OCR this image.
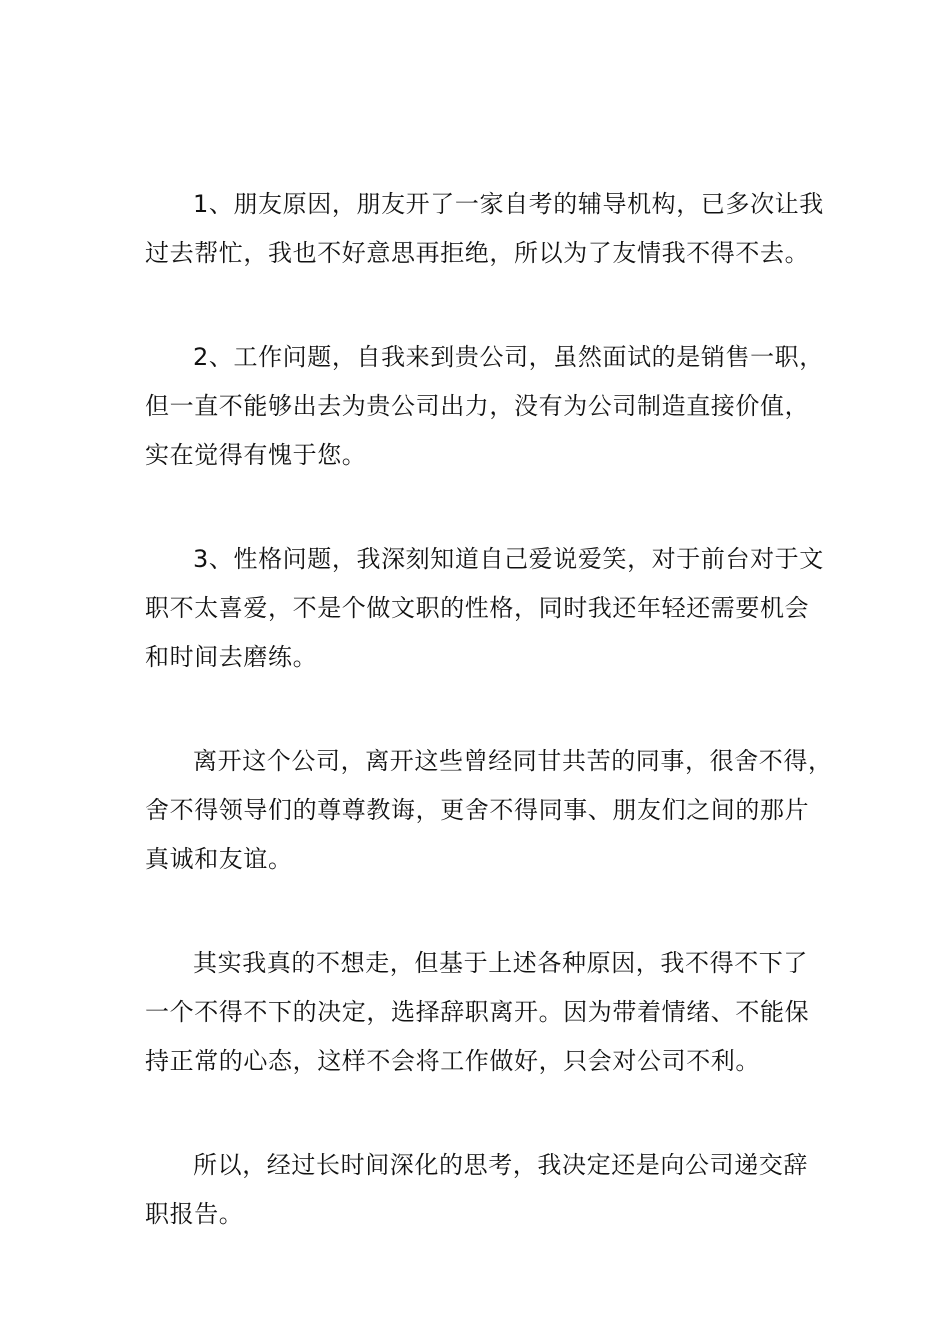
1、朋友原因，朋友开了一家自考的辅导机构，已多次让我
过去帮忙，我也不好意思再拒绝，所以为了友情我不得不去。

2、工作问题，自我来到贵公司，虽然面试的是销售一职，
但一直不能够出去为贵公司出力，没有为公司制造直接价值，
实在觉得有愧于您。

3、性格问题，我深刻知道自己爱说爱笑，对于前台对于文
职不太喜爱，不是个做文职的性格，同时我还年轻还需要机会
和时间去磨练。

离开这个公司，离开这些曾经同甘共苦的同事，很舍不得，
舍不得领导们的尊尊教诲，更舍不得同事、朋友们之间的那片
真诚和友谊。

其实我真的不想走，但基于上述各种原因，我不得不下了
一个不得不下的决定，选择辞职离开。因为带着情绪、不能保
持正常的心态，这样不会将工作做好，只会对公司不利。

所以，经过长时间深化的思考，我决定还是向公司递交辞
职报告。
